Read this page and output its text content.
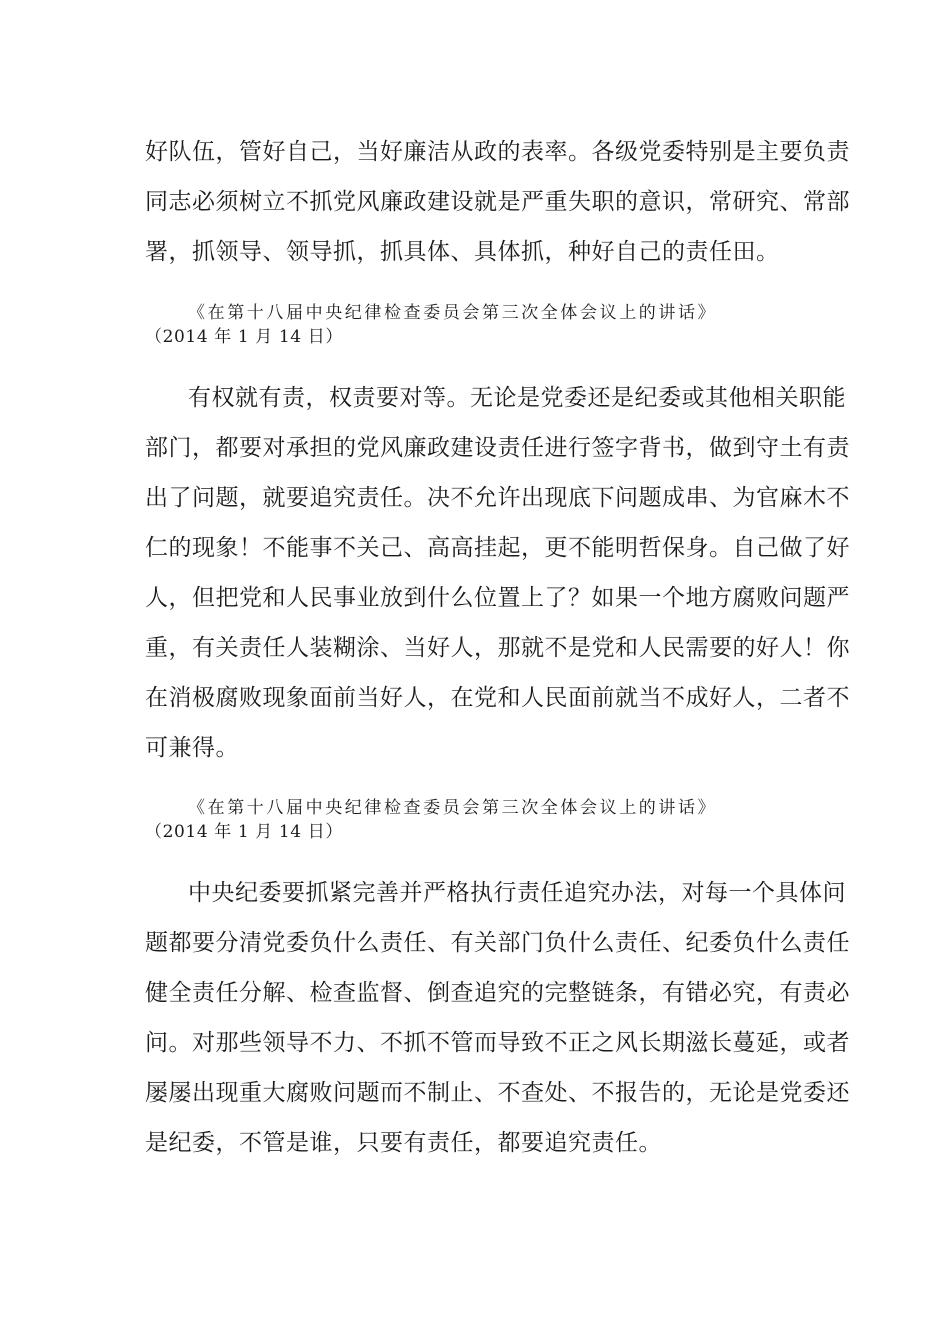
好队伍，管好自己，当好廉洁从政的表率。各级党委特别是主要负责
同志必须树立不抓党风廉政建设就是严重失职的意识，常研究、常部
署，抓领导、领导抓，抓具体、具体抓，种好自己的责任田。
《在第十八届中央纪律检查委员会第三次全体会议上的讲话》
（2014 年 1 月 14 日）
有权就有责，权责要对等。无论是党委还是纪委或其他相关职能
部门，都要对承担的党风廉政建设责任进行签字背书，做到守土有责
出了问题，就要追究责任。决不允许出现底下问题成串、为官麻木不
仁的现象！不能事不关己、高高挂起，更不能明哲保身。自己做了好
人，但把党和人民事业放到什么位置上了？如果一个地方腐败问题严
重，有关责任人装糊涂、当好人，那就不是党和人民需要的好人！你
在消极腐败现象面前当好人，在党和人民面前就当不成好人，二者不
可兼得。
《在第十八届中央纪律检查委员会第三次全体会议上的讲话》
（2014 年 1 月 14 日）
中央纪委要抓紧完善并严格执行责任追究办法，对每一个具体问
题都要分清党委负什么责任、有关部门负什么责任、纪委负什么责任
健全责任分解、检查监督、倒查追究的完整链条，有错必究，有责必
问。对那些领导不力、不抓不管而导致不正之风长期滋长蔓延，或者
屡屡出现重大腐败问题而不制止、不查处、不报告的，无论是党委还
是纪委，不管是谁，只要有责任，都要追究责任。
